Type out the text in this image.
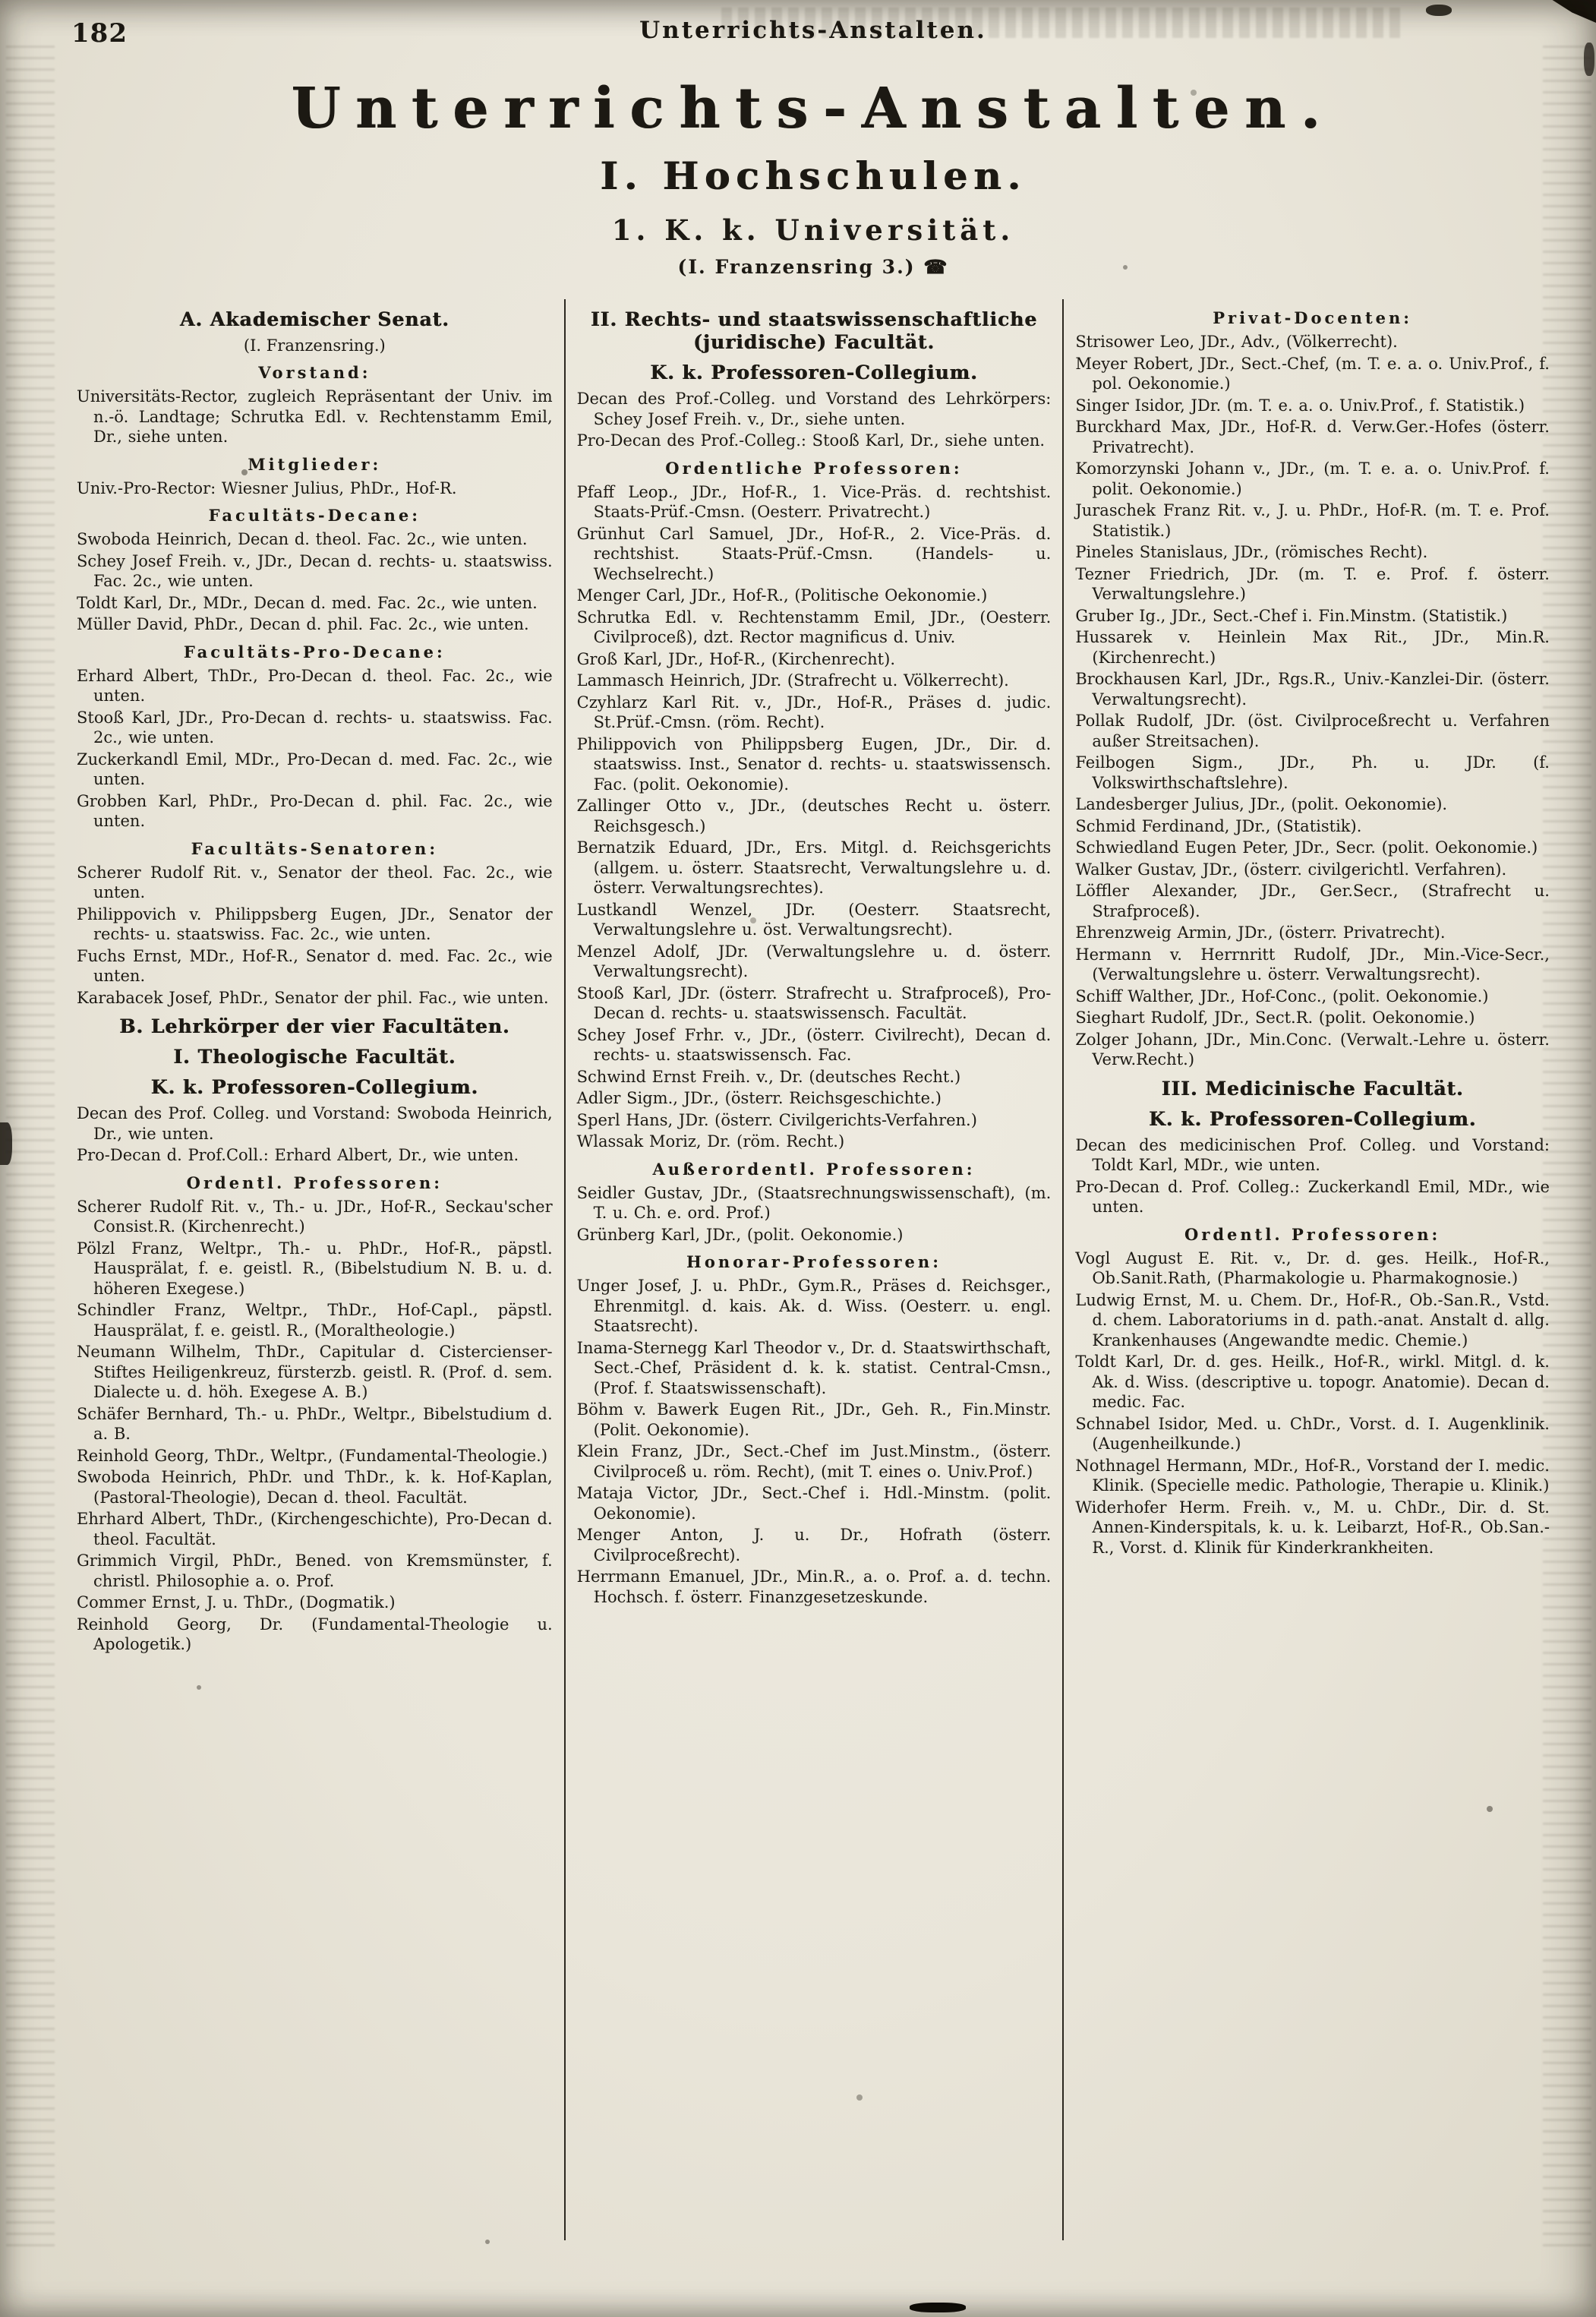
182	Unterrichts-Anstalten.
Unterrichts-Anstalten.
I. Hochschulen.
1. K. k. Universität.
(I. Franzensring 3.) ☎
A. Akademischer Senat.
(I. Franzensring.)
Vorstand:
Universitäts-Rector, zugleich Repräsentant der Univ. im n.-ö. Landtage; Schrutka Edl. v. Rechtenstamm Emil, Dr., siehe unten.
Mitglieder:
Univ.-Pro-Rector: Wiesner Julius, PhDr., Hof-R.
Facultäts-Decane:
Swoboda Heinrich, Decan d. theol. Fac. 2c., wie unten.
Schey Josef Freih. v., JDr., Decan d. rechts- u. staatswiss. Fac. 2c., wie unten.
Toldt Karl, Dr., MDr., Decan d. med. Fac. 2c., wie unten.
Müller David, PhDr., Decan d. phil. Fac. 2c., wie unten.
Facultäts-Pro-Decane:
Erhard Albert, ThDr., Pro-Decan d. theol. Fac. 2c., wie unten.
Stooß Karl, JDr., Pro-Decan d. rechts- u. staatswiss. Fac. 2c., wie unten.
Zuckerkandl Emil, MDr., Pro-Decan d. med. Fac. 2c., wie unten.
Grobben Karl, PhDr., Pro-Decan d. phil. Fac. 2c., wie unten.
Facultäts-Senatoren:
Scherer Rudolf Rit. v., Senator der theol. Fac. 2c., wie unten.
Philippovich v. Philippsberg Eugen, JDr., Senator der rechts- u. staatswiss. Fac. 2c., wie unten.
Fuchs Ernst, MDr., Hof-R., Senator d. med. Fac. 2c., wie unten.
Karabacek Josef, PhDr., Senator der phil. Fac., wie unten.
B. Lehrkörper der vier Facultäten.
I. Theologische Facultät.
K. k. Professoren-Collegium.
Decan des Prof. Colleg. und Vorstand: Swoboda Heinrich, Dr., wie unten.
Pro-Decan d. Prof.Coll.: Erhard Albert, Dr., wie unten.
Ordentl. Professoren:
Scherer Rudolf Rit. v., Th.- u. JDr., Hof-R., Seckau'scher Consist.R. (Kirchenrecht.)
Pölzl Franz, Weltpr., Th.- u. PhDr., Hof-R., päpstl. Hausprälat, f. e. geistl. R., (Bibelstudium N. B. u. d. höheren Exegese.)
Schindler Franz, Weltpr., ThDr., Hof-Capl., päpstl. Hausprälat, f. e. geistl. R., (Moraltheologie.)
Neumann Wilhelm, ThDr., Capitular d. Cistercienser-Stiftes Heiligenkreuz, fürsterzb. geistl. R. (Prof. d. sem. Dialecte u. d. höh. Exegese A. B.)
Schäfer Bernhard, Th.- u. PhDr., Weltpr., Bibelstudium d. a. B.
Reinhold Georg, ThDr., Weltpr., (Fundamental-Theologie.)
Swoboda Heinrich, PhDr. und ThDr., k. k. Hof-Kaplan, (Pastoral-Theologie), Decan d. theol. Facultät.
Ehrhard Albert, ThDr., (Kirchengeschichte), Pro-Decan d. theol. Facultät.
Grimmich Virgil, PhDr., Bened. von Kremsmünster, f. christl. Philosophie a. o. Prof.
Commer Ernst, J. u. ThDr., (Dogmatik.)
Reinhold Georg, Dr. (Fundamental-Theologie u. Apologetik.)
II. Rechts- und staatswissenschaftliche (juridische) Facultät.
K. k. Professoren-Collegium.
Decan des Prof.-Colleg. und Vorstand des Lehrkörpers: Schey Josef Freih. v., Dr., siehe unten.
Pro-Decan des Prof.-Colleg.: Stooß Karl, Dr., siehe unten.
Ordentliche Professoren:
Pfaff Leop., JDr., Hof-R., 1. Vice-Präs. d. rechtshist. Staats-Prüf.-Cmsn. (Oesterr. Privatrecht.)
Grünhut Carl Samuel, JDr., Hof-R., 2. Vice-Präs. d. rechtshist. Staats-Prüf.-Cmsn. (Handels- u. Wechselrecht.)
Menger Carl, JDr., Hof-R., (Politische Oekonomie.)
Schrutka Edl. v. Rechtenstamm Emil, JDr., (Oesterr. Civilproceß), dzt. Rector magnificus d. Univ.
Groß Karl, JDr., Hof-R., (Kirchenrecht).
Lammasch Heinrich, JDr. (Strafrecht u. Völkerrecht).
Czyhlarz Karl Rit. v., JDr., Hof-R., Präses d. judic. St.Prüf.-Cmsn. (röm. Recht).
Philippovich von Philippsberg Eugen, JDr., Dir. d. staatswiss. Inst., Senator d. rechts- u. staatswissensch. Fac. (polit. Oekonomie).
Zallinger Otto v., JDr., (deutsches Recht u. österr. Reichsgesch.)
Bernatzik Eduard, JDr., Ers. Mitgl. d. Reichsgerichts (allgem. u. österr. Staatsrecht, Verwaltungslehre u. d. österr. Verwaltungsrechtes).
Lustkandl Wenzel, JDr. (Oesterr. Staatsrecht, Verwaltungslehre u. öst. Verwaltungsrecht).
Menzel Adolf, JDr. (Verwaltungslehre u. d. österr. Verwaltungsrecht).
Stooß Karl, JDr. (österr. Strafrecht u. Strafproceß), Pro-Decan d. rechts- u. staatswissensch. Facultät.
Schey Josef Frhr. v., JDr., (österr. Civilrecht), Decan d. rechts- u. staatswissensch. Fac.
Schwind Ernst Freih. v., Dr. (deutsches Recht.)
Adler Sigm., JDr., (österr. Reichsgeschichte.)
Sperl Hans, JDr. (österr. Civilgerichts-Verfahren.)
Wlassak Moriz, Dr. (röm. Recht.)
Außerordentl. Professoren:
Seidler Gustav, JDr., (Staatsrechnungswissenschaft), (m. T. u. Ch. e. ord. Prof.)
Grünberg Karl, JDr., (polit. Oekonomie.)
Honorar-Professoren:
Unger Josef, J. u. PhDr., Gym.R., Präses d. Reichsger., Ehrenmitgl. d. kais. Ak. d. Wiss. (Oesterr. u. engl. Staatsrecht).
Inama-Sternegg Karl Theodor v., Dr. d. Staatswirthschaft, Sect.-Chef, Präsident d. k. k. statist. Central-Cmsn., (Prof. f. Staatswissenschaft).
Böhm v. Bawerk Eugen Rit., JDr., Geh. R., Fin.Minstr. (Polit. Oekonomie).
Klein Franz, JDr., Sect.-Chef im Just.Minstm., (österr. Civilproceß u. röm. Recht), (mit T. eines o. Univ.Prof.)
Mataja Victor, JDr., Sect.-Chef i. Hdl.-Minstm. (polit. Oekonomie).
Menger Anton, J. u. Dr., Hofrath (österr. Civilproceßrecht).
Herrmann Emanuel, JDr., Min.R., a. o. Prof. a. d. techn. Hochsch. f. österr. Finanzgesetzeskunde.
Privat-Docenten:
Strisower Leo, JDr., Adv., (Völkerrecht).
Meyer Robert, JDr., Sect.-Chef, (m. T. e. a. o. Univ.Prof., f. pol. Oekonomie.)
Singer Isidor, JDr. (m. T. e. a. o. Univ.Prof., f. Statistik.)
Burckhard Max, JDr., Hof-R. d. Verw.Ger.-Hofes (österr. Privatrecht).
Komorzynski Johann v., JDr., (m. T. e. a. o. Univ.Prof. f. polit. Oekonomie.)
Juraschek Franz Rit. v., J. u. PhDr., Hof-R. (m. T. e. Prof. Statistik.)
Pineles Stanislaus, JDr., (römisches Recht).
Tezner Friedrich, JDr. (m. T. e. Prof. f. österr. Verwaltungslehre.)
Gruber Ig., JDr., Sect.-Chef i. Fin.Minstm. (Statistik.)
Hussarek v. Heinlein Max Rit., JDr., Min.R. (Kirchenrecht.)
Brockhausen Karl, JDr., Rgs.R., Univ.-Kanzlei-Dir. (österr. Verwaltungsrecht).
Pollak Rudolf, JDr. (öst. Civilproceßrecht u. Verfahren außer Streitsachen).
Feilbogen Sigm., JDr., Ph. u. JDr. (f. Volkswirthschaftslehre).
Landesberger Julius, JDr., (polit. Oekonomie).
Schmid Ferdinand, JDr., (Statistik).
Schwiedland Eugen Peter, JDr., Secr. (polit. Oekonomie.)
Walker Gustav, JDr., (österr. civilgerichtl. Verfahren).
Löffler Alexander, JDr., Ger.Secr., (Strafrecht u. Strafproceß).
Ehrenzweig Armin, JDr., (österr. Privatrecht).
Hermann v. Herrnritt Rudolf, JDr., Min.-Vice-Secr., (Verwaltungslehre u. österr. Verwaltungsrecht).
Schiff Walther, JDr., Hof-Conc., (polit. Oekonomie.)
Sieghart Rudolf, JDr., Sect.R. (polit. Oekonomie.)
Zolger Johann, JDr., Min.Conc. (Verwalt.-Lehre u. österr. Verw.Recht.)
III. Medicinische Facultät.
K. k. Professoren-Collegium.
Decan des medicinischen Prof. Colleg. und Vorstand: Toldt Karl, MDr., wie unten.
Pro-Decan d. Prof. Colleg.: Zuckerkandl Emil, MDr., wie unten.
Ordentl. Professoren:
Vogl August E. Rit. v., Dr. d. ges. Heilk., Hof-R., Ob.Sanit.Rath, (Pharmakologie u. Pharmakognosie.)
Ludwig Ernst, M. u. Chem. Dr., Hof-R., Ob.-San.R., Vstd. d. chem. Laboratoriums in d. path.-anat. Anstalt d. allg. Krankenhauses (Angewandte medic. Chemie.)
Toldt Karl, Dr. d. ges. Heilk., Hof-R., wirkl. Mitgl. d. k. Ak. d. Wiss. (descriptive u. topogr. Anatomie). Decan d. medic. Fac.
Schnabel Isidor, Med. u. ChDr., Vorst. d. I. Augenklinik. (Augenheilkunde.)
Nothnagel Hermann, MDr., Hof-R., Vorstand der I. medic. Klinik. (Specielle medic. Pathologie, Therapie u. Klinik.)
Widerhofer Herm. Freih. v., M. u. ChDr., Dir. d. St. Annen-Kinderspitals, k. u. k. Leibarzt, Hof-R., Ob.San.-R., Vorst. d. Klinik für Kinderkrankheiten.
